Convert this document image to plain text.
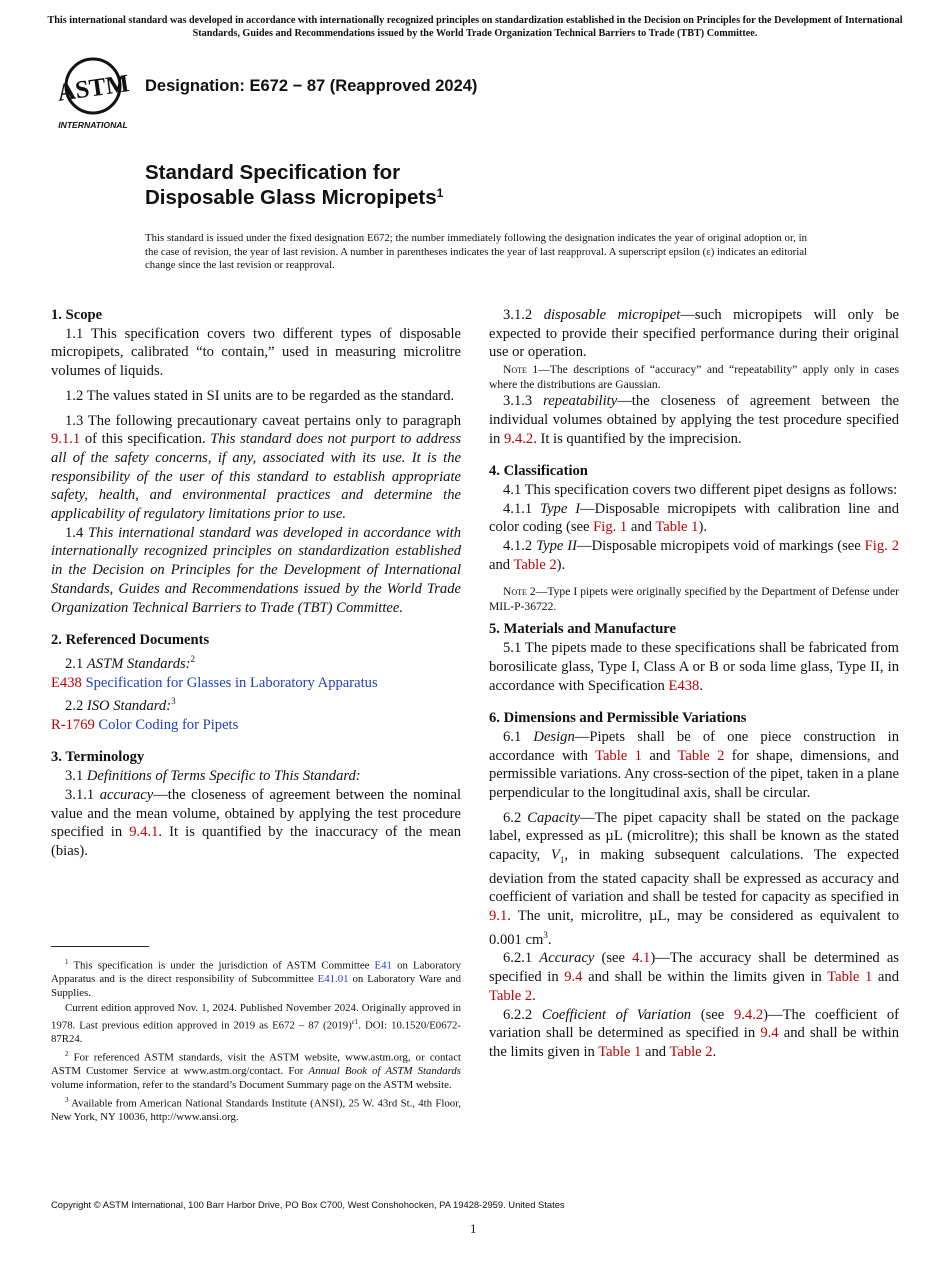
This international standard was developed in accordance with internationally recognized principles on standardization established in the Decision on Principles for the Development of International Standards, Guides and Recommendations issued by the World Trade Organization Technical Barriers to Trade (TBT) Committee.
ASTM
INTERNATIONAL
Designation: E672 − 87 (Reapproved 2024)
Standard Specification for
Disposable Glass Micropipets$^1$
This standard is issued under the fixed designation E672; the number immediately following the designation indicates the year of original adoption or, in the case of revision, the year of last revision. A number in parentheses indicates the year of last reapproval. A superscript epsilon (ε) indicates an editorial change since the last revision or reapproval.

1. Scope

1.1 This specification covers two different types of disposable micropipets, calibrated “to contain,” used in measuring microlitre volumes of liquids.

1.2 The values stated in SI units are to be regarded as the standard.

1.3 The following precautionary caveat pertains only to paragraph 9.1.1 of this specification. This standard does not purport to address all of the safety concerns, if any, associated with its use. It is the responsibility of the user of this standard to establish appropriate safety, health, and environmental practices and determine the applicability of regulatory limitations prior to use.

1.4 This international standard was developed in accordance with internationally recognized principles on standardization established in the Decision on Principles for the Development of International Standards, Guides and Recommendations issued by the World Trade Organization Technical Barriers to Trade (TBT) Committee.

2. Referenced Documents

2.1 ASTM Standards:$^2$

E438 Specification for Glasses in Laboratory Apparatus

2.2 ISO Standard:$^3$

R-1769 Color Coding for Pipets

3. Terminology

3.1 Definitions of Terms Specific to This Standard:

3.1.1 accuracy—the closeness of agreement between the nominal value and the mean volume, obtained by applying the test procedure specified in 9.4.1. It is quantified by the inaccuracy of the mean (bias).

$^1$ This specification is under the jurisdiction of ASTM Committee E41 on Laboratory Apparatus and is the direct responsibility of Subcommittee E41.01 on Laboratory Ware and Supplies.

Current edition approved Nov. 1, 2024. Published November 2024. Originally approved in 1978. Last previous edition approved in 2019 as E672 – 87 $(2019)^{\varepsilon 1}$. DOI: 10.1520/E0672-87R24.

$^2$ For referenced ASTM standards, visit the ASTM website, www.astm.org, or contact ASTM Customer Service at www.astm.org/contact. For Annual Book of ASTM Standards volume information, refer to the standard’s Document Summary page on the ASTM website.

$^3$ Available from American National Standards Institute (ANSI), 25 W. 43rd St., 4th Floor, New York, NY 10036, http://www.ansi.org.

3.1.2 disposable micropipet—such micropipets will only be expected to provide their specified performance during their original use or operation.

Note 1—The descriptions of “accuracy” and “repeatability” apply only in cases where the distributions are Gaussian.

3.1.3 repeatability—the closeness of agreement between the individual volumes obtained by applying the test procedure specified in 9.4.2. It is quantified by the imprecision.

4. Classification

4.1 This specification covers two different pipet designs as follows:

4.1.1 Type I—Disposable micropipets with calibration line and color coding (see Fig. 1 and Table 1).

4.1.2 Type II—Disposable micropipets void of markings (see Fig. 2 and Table 2).

Note 2—Type I pipets were originally specified by the Department of Defense under MIL-P-36722.

5. Materials and Manufacture

5.1 The pipets made to these specifications shall be fabricated from borosilicate glass, Type I, Class A or B or soda lime glass, Type II, in accordance with Specification E438.

6. Dimensions and Permissible Variations

6.1 Design—Pipets shall be of one piece construction in accordance with Table 1 and Table 2 for shape, dimensions, and permissible variations. Any cross-section of the pipet, taken in a plane perpendicular to the longitudinal axis, shall be circular.

6.2 Capacity—The pipet capacity shall be stated on the package label, expressed as µL (microlitre); this shall be known as the stated capacity, $V_1$, in making subsequent calculations. The expected deviation from the stated capacity shall be expressed as accuracy and coefficient of variation and shall be tested for capacity as specified in 9.1. The unit, microlitre, µL, may be considered as equivalent to 0.001 $cm^3$.

6.2.1 Accuracy (see 4.1)—The accuracy shall be determined as specified in 9.4 and shall be within the limits given in Table 1 and Table 2.

6.2.2 Coefficient of Variation (see 9.4.2)—The coefficient of variation shall be determined as specified in 9.4 and shall be within the limits given in Table 1 and Table 2.

Copyright © ASTM International, 100 Barr Harbor Drive, PO Box C700, West Conshohocken, PA 19428-2959. United States
1
